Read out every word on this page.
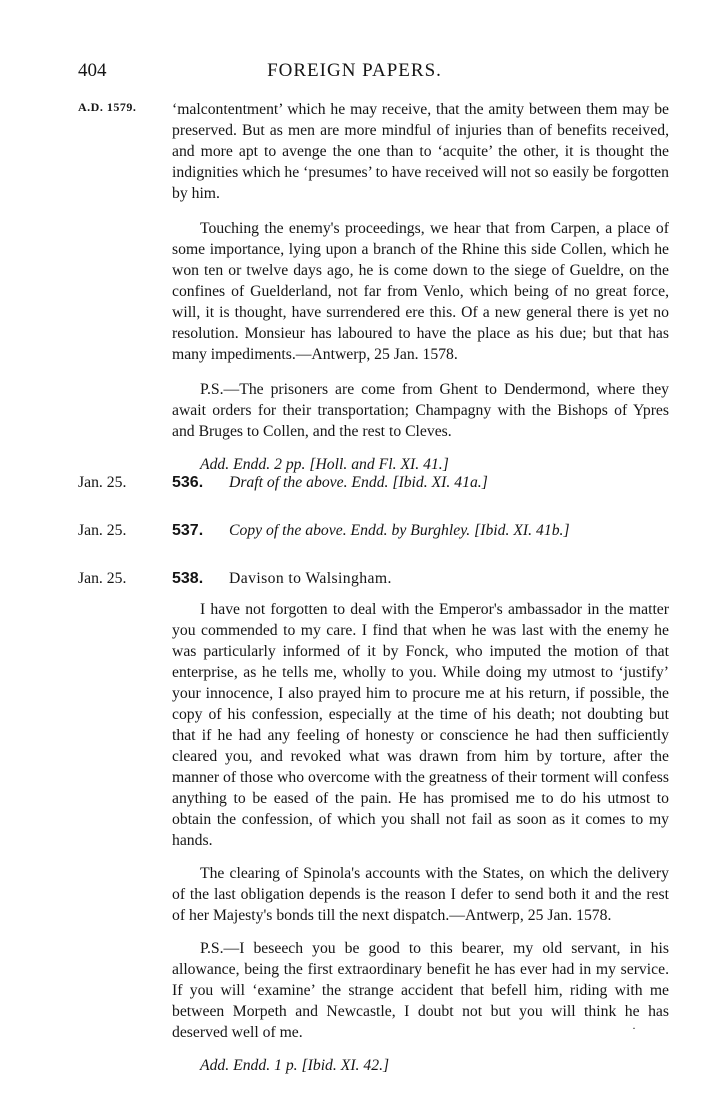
404	FOREIGN PAPERS.
A.D. 1579. ‘malcontentment’ which he may receive, that the amity between them may be preserved. But as men are more mindful of injuries than of benefits received, and more apt to avenge the one than to ‘acquite’ the other, it is thought the indignities which he ‘presumes’ to have received will not so easily be forgotten by him.

Touching the enemy's proceedings, we hear that from Carpen, a place of some importance, lying upon a branch of the Rhine this side Collen, which he won ten or twelve days ago, he is come down to the siege of Gueldre, on the confines of Guelderland, not far from Venlo, which being of no great force, will, it is thought, have surrendered ere this. Of a new general there is yet no resolution. Monsieur has laboured to have the place as his due; but that has many impediments.—Antwerp, 25 Jan. 1578.

P.S.—The prisoners are come from Ghent to Dendermond, where they await orders for their transportation; Champagny with the Bishops of Ypres and Bruges to Collen, and the rest to Cleves.

Add. Endd. 2 pp. [Holl. and Fl. XI. 41.]

Jan. 25.	536. Draft of the above. Endd. [Ibid. XI. 41a.]
Jan. 25.	537. Copy of the above. Endd. by Burghley. [Ibid. XI. 41b.]
Jan. 25.	538. Davison to Walsingham.

I have not forgotten to deal with the Emperor's ambassador in the matter you commended to my care. I find that when he was last with the enemy he was particularly informed of it by Fonck, who imputed the motion of that enterprise, as he tells me, wholly to you. While doing my utmost to ‘justify’ your innocence, I also prayed him to procure me at his return, if possible, the copy of his confession, especially at the time of his death; not doubting but that if he had any feeling of honesty or conscience he had then sufficiently cleared you, and revoked what was drawn from him by torture, after the manner of those who overcome with the greatness of their torment will confess anything to be eased of the pain. He has promised me to do his utmost to obtain the confession, of which you shall not fail as soon as it comes to my hands.

The clearing of Spinola's accounts with the States, on which the delivery of the last obligation depends is the reason I defer to send both it and the rest of her Majesty's bonds till the next dispatch.—Antwerp, 25 Jan. 1578.

P.S.—I beseech you be good to this bearer, my old servant, in his allowance, being the first extraordinary benefit he has ever had in my service. If you will ‘examine’ the strange accident that befell him, riding with me between Morpeth and Newcastle, I doubt not but you will think he has deserved well of me.

Add. Endd. 1 p. [Ibid. XI. 42.]

·
